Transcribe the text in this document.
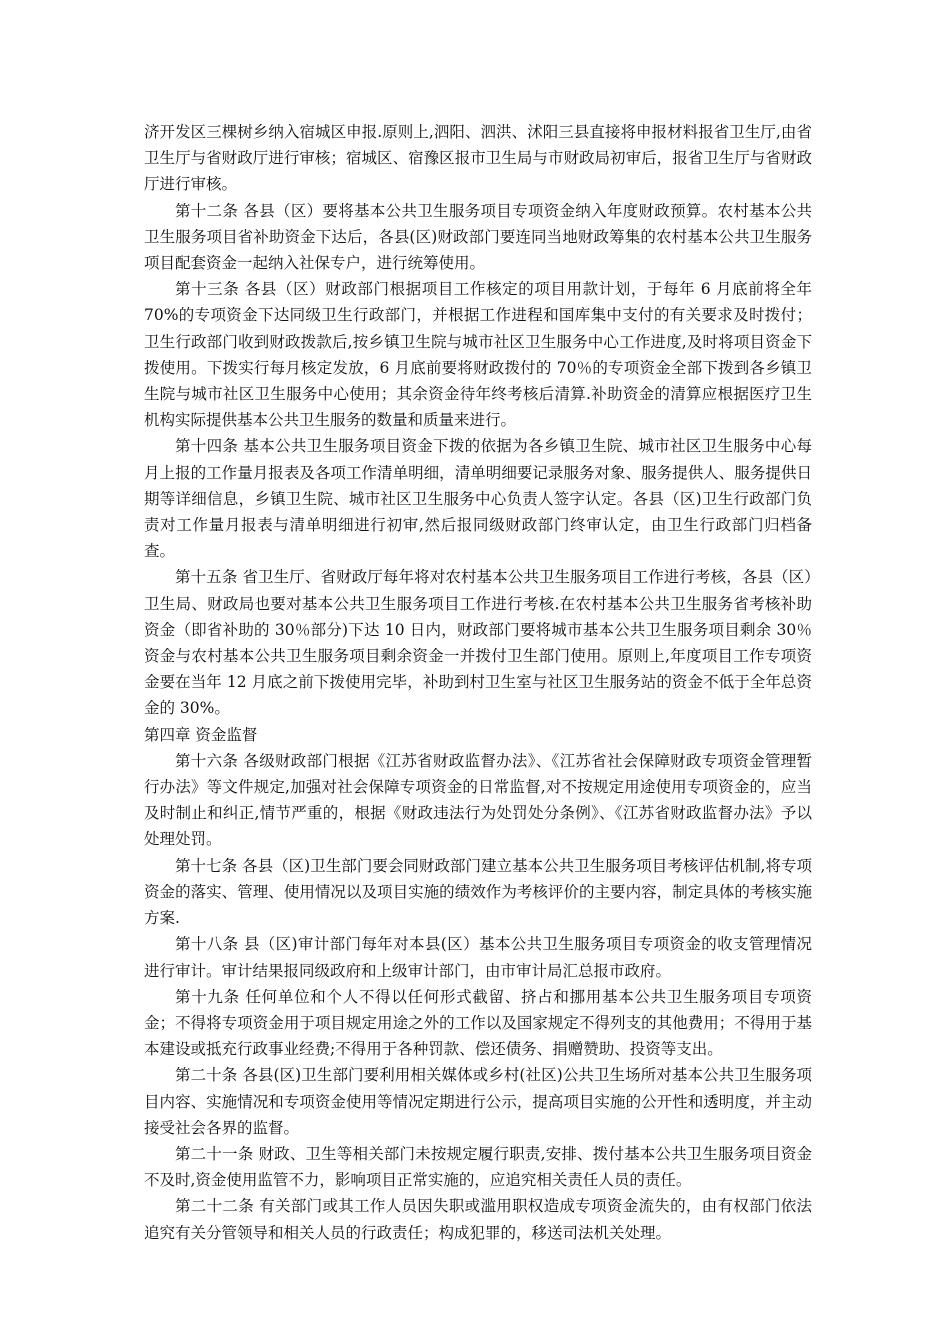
济开发区三棵树乡纳入宿城区申报.原则上,泗阳、泗洪、沭阳三县直接将申报材料报省卫生厅,由省卫生厅与省财政厅进行审核；宿城区、宿豫区报市卫生局与市财政局初审后，报省卫生厅与省财政厅进行审核。

第十二条 各县（区）要将基本公共卫生服务项目专项资金纳入年度财政预算。农村基本公共卫生服务项目省补助资金下达后，各县(区)财政部门要连同当地财政筹集的农村基本公共卫生服务项目配套资金一起纳入社保专户，进行统筹使用。

第十三条 各县（区）财政部门根据项目工作核定的项目用款计划，于每年 6 月底前将全年 70%的专项资金下达同级卫生行政部门，并根据工作进程和国库集中支付的有关要求及时拨付；卫生行政部门收到财政拨款后,按乡镇卫生院与城市社区卫生服务中心工作进度,及时将项目资金下拨使用。下拨实行每月核定发放，6 月底前要将财政拨付的 70％的专项资金全部下拨到各乡镇卫生院与城市社区卫生服务中心使用；其余资金待年终考核后清算.补助资金的清算应根据医疗卫生机构实际提供基本公共卫生服务的数量和质量来进行。

第十四条 基本公共卫生服务项目资金下拨的依据为各乡镇卫生院、城市社区卫生服务中心每月上报的工作量月报表及各项工作清单明细，清单明细要记录服务对象、服务提供人、服务提供日期等详细信息，乡镇卫生院、城市社区卫生服务中心负责人签字认定。各县（区)卫生行政部门负责对工作量月报表与清单明细进行初审,然后报同级财政部门终审认定，由卫生行政部门归档备查。

第十五条 省卫生厅、省财政厅每年将对农村基本公共卫生服务项目工作进行考核，各县（区）卫生局、财政局也要对基本公共卫生服务项目工作进行考核.在农村基本公共卫生服务省考核补助资金（即省补助的 30％部分)下达 10 日内，财政部门要将城市基本公共卫生服务项目剩余 30％资金与农村基本公共卫生服务项目剩余资金一并拨付卫生部门使用。原则上,年度项目工作专项资金要在当年 12 月底之前下拨使用完毕，补助到村卫生室与社区卫生服务站的资金不低于全年总资金的 30%。

第四章 资金监督

第十六条 各级财政部门根据《江苏省财政监督办法》、《江苏省社会保障财政专项资金管理暂行办法》等文件规定,加强对社会保障专项资金的日常监督,对不按规定用途使用专项资金的，应当及时制止和纠正,情节严重的，根据《财政违法行为处罚处分条例》、《江苏省财政监督办法》予以处理处罚。

第十七条 各县（区)卫生部门要会同财政部门建立基本公共卫生服务项目考核评估机制,将专项资金的落实、管理、使用情况以及项目实施的绩效作为考核评价的主要内容，制定具体的考核实施方案.

第十八条 县（区)审计部门每年对本县(区）基本公共卫生服务项目专项资金的收支管理情况进行审计。审计结果报同级政府和上级审计部门，由市审计局汇总报市政府。

第十九条 任何单位和个人不得以任何形式截留、挤占和挪用基本公共卫生服务项目专项资金；不得将专项资金用于项目规定用途之外的工作以及国家规定不得列支的其他费用；不得用于基本建设或抵充行政事业经费;不得用于各种罚款、偿还债务、捐赠赞助、投资等支出。

第二十条 各县(区)卫生部门要利用相关媒体或乡村(社区)公共卫生场所对基本公共卫生服务项目内容、实施情况和专项资金使用等情况定期进行公示，提高项目实施的公开性和透明度，并主动接受社会各界的监督。

第二十一条 财政、卫生等相关部门未按规定履行职责,安排、拨付基本公共卫生服务项目资金不及时,资金使用监管不力，影响项目正常实施的，应追究相关责任人员的责任。

第二十二条 有关部门或其工作人员因失职或滥用职权造成专项资金流失的，由有权部门依法追究有关分管领导和相关人员的行政责任；构成犯罪的，移送司法机关处理。
